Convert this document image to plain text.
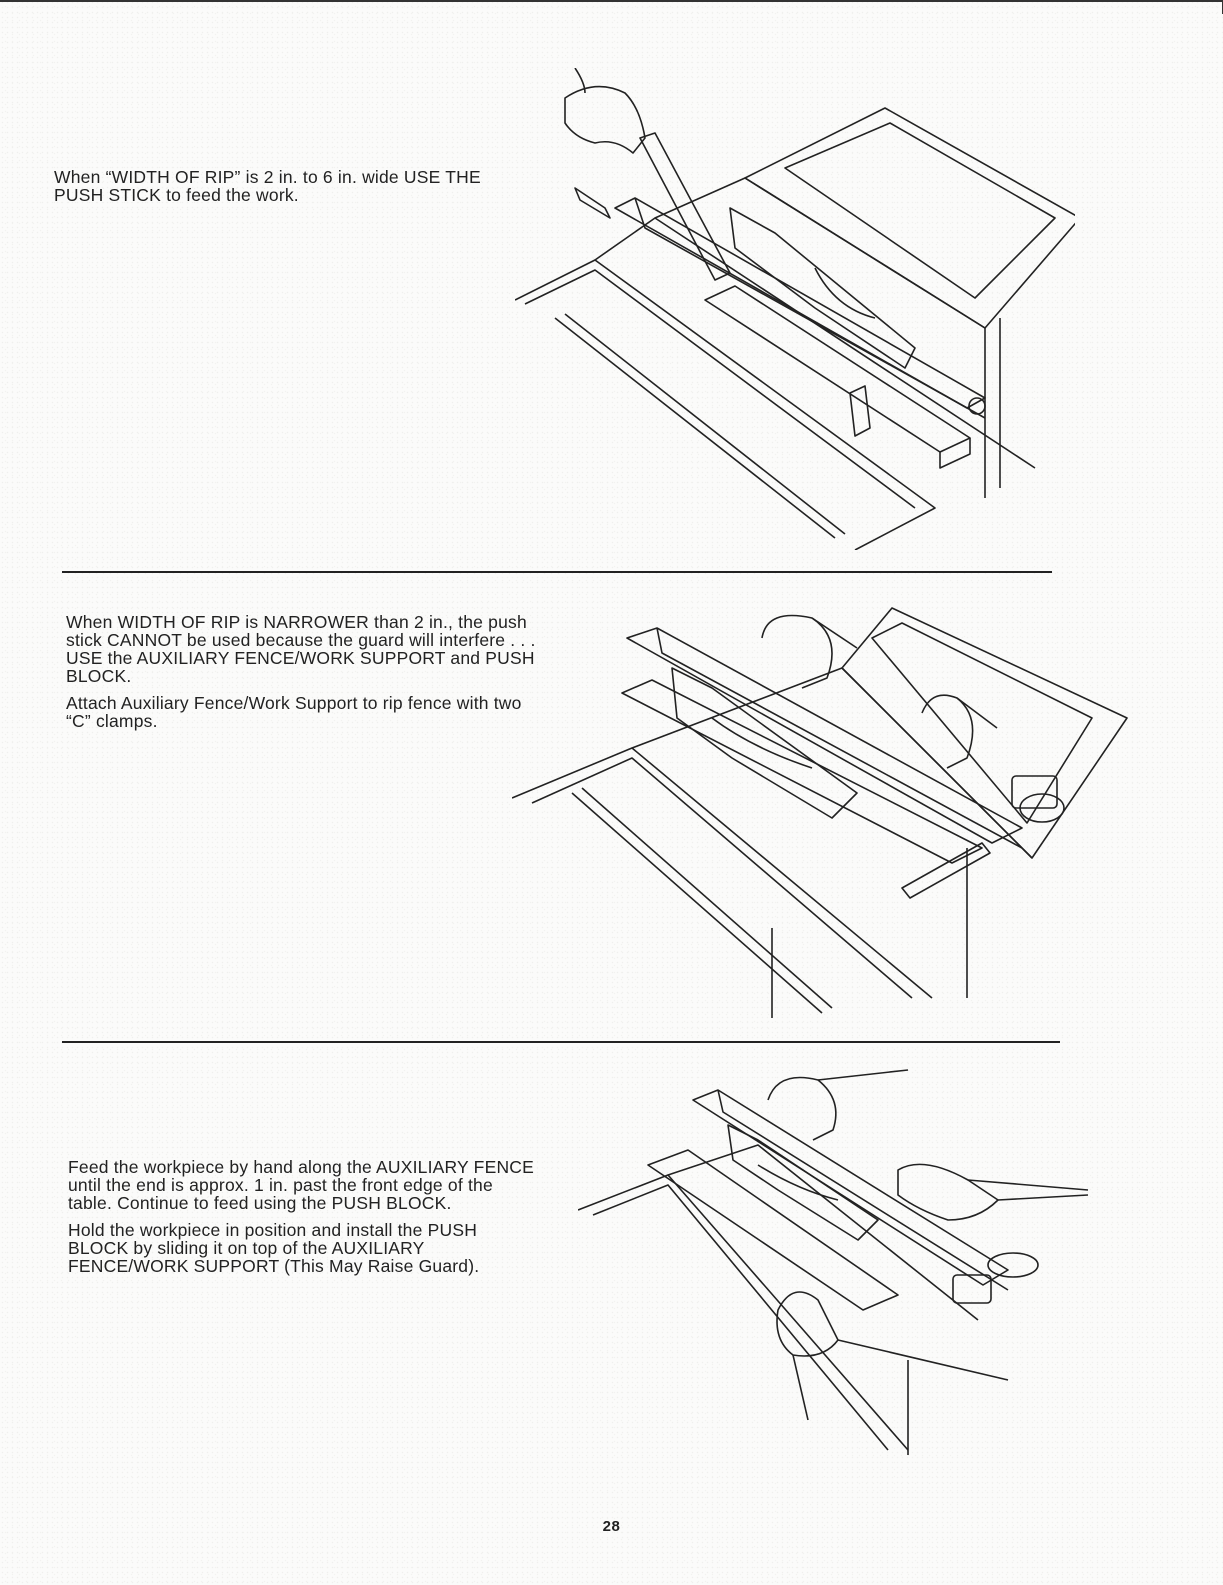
When “WIDTH OF RIP” is 2 in. to 6 in. wide USE THE PUSH STICK to feed the work.

When WIDTH OF RIP is NARROWER than 2 in., the push stick CANNOT be used because the guard will interfere . . . USE the AUXILIARY FENCE/WORK SUPPORT and PUSH BLOCK.

Attach Auxiliary Fence/Work Support to rip fence with two “C” clamps.

Feed the workpiece by hand along the AUXILIARY FENCE until the end is approx. 1 in. past the front edge of the table. Continue to feed using the PUSH BLOCK.

Hold the workpiece in position and install the PUSH BLOCK by sliding it on top of the AUXILIARY FENCE/WORK SUPPORT (This May Raise Guard).

28
